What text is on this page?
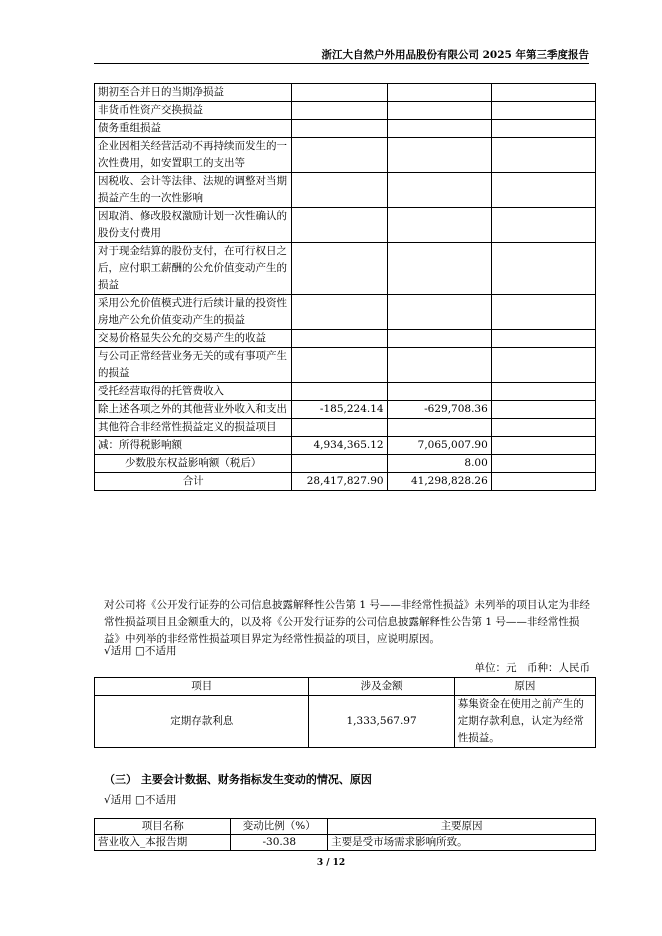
浙江大自然户外用品股份有限公司 2025 年第三季度报告
期初至合并日的当期净损益			
非货币性资产交换损益			
债务重组损益			
企业因相关经营活动不再持续而发生的一次性费用，如安置职工的支出等			
因税收、会计等法律、法规的调整对当期损益产生的一次性影响			
因取消、修改股权激励计划一次性确认的股份支付费用			
对于现金结算的股份支付，在可行权日之后，应付职工薪酬的公允价值变动产生的损益			
采用公允价值模式进行后续计量的投资性房地产公允价值变动产生的损益			
交易价格显失公允的交易产生的收益			
与公司正常经营业务无关的或有事项产生的损益			
受托经营取得的托管费收入			
除上述各项之外的其他营业外收入和支出	-185,224.14	-629,708.36	
其他符合非经常性损益定义的损益项目			
减：所得税影响额	4,934,365.12	7,065,007.90	
少数股东权益影响额（税后）		8.00	
合计	28,417,827.90	41,298,828.26	
对公司将《公开发行证券的公司信息披露解释性公告第 1 号——非经常性损益》未列举的项目认定为非经常性损益项目且金额重大的，以及将《公开发行证券的公司信息披露解释性公告第 1 号——非经常性损益》中列举的非经常性损益项目界定为经常性损益的项目，应说明原因。
√适用 □不适用
单位：元　币种：人民币
项目	涉及金额	原因
定期存款利息	1,333,567.97	募集资金在使用之前产生的定期存款利息，认定为经常性损益。
（三） 主要会计数据、财务指标发生变动的情况、原因
√适用 □不适用
项目名称	变动比例（%）	主要原因
营业收入_本报告期	-30.38	主要是受市场需求影响所致。
3 / 12
